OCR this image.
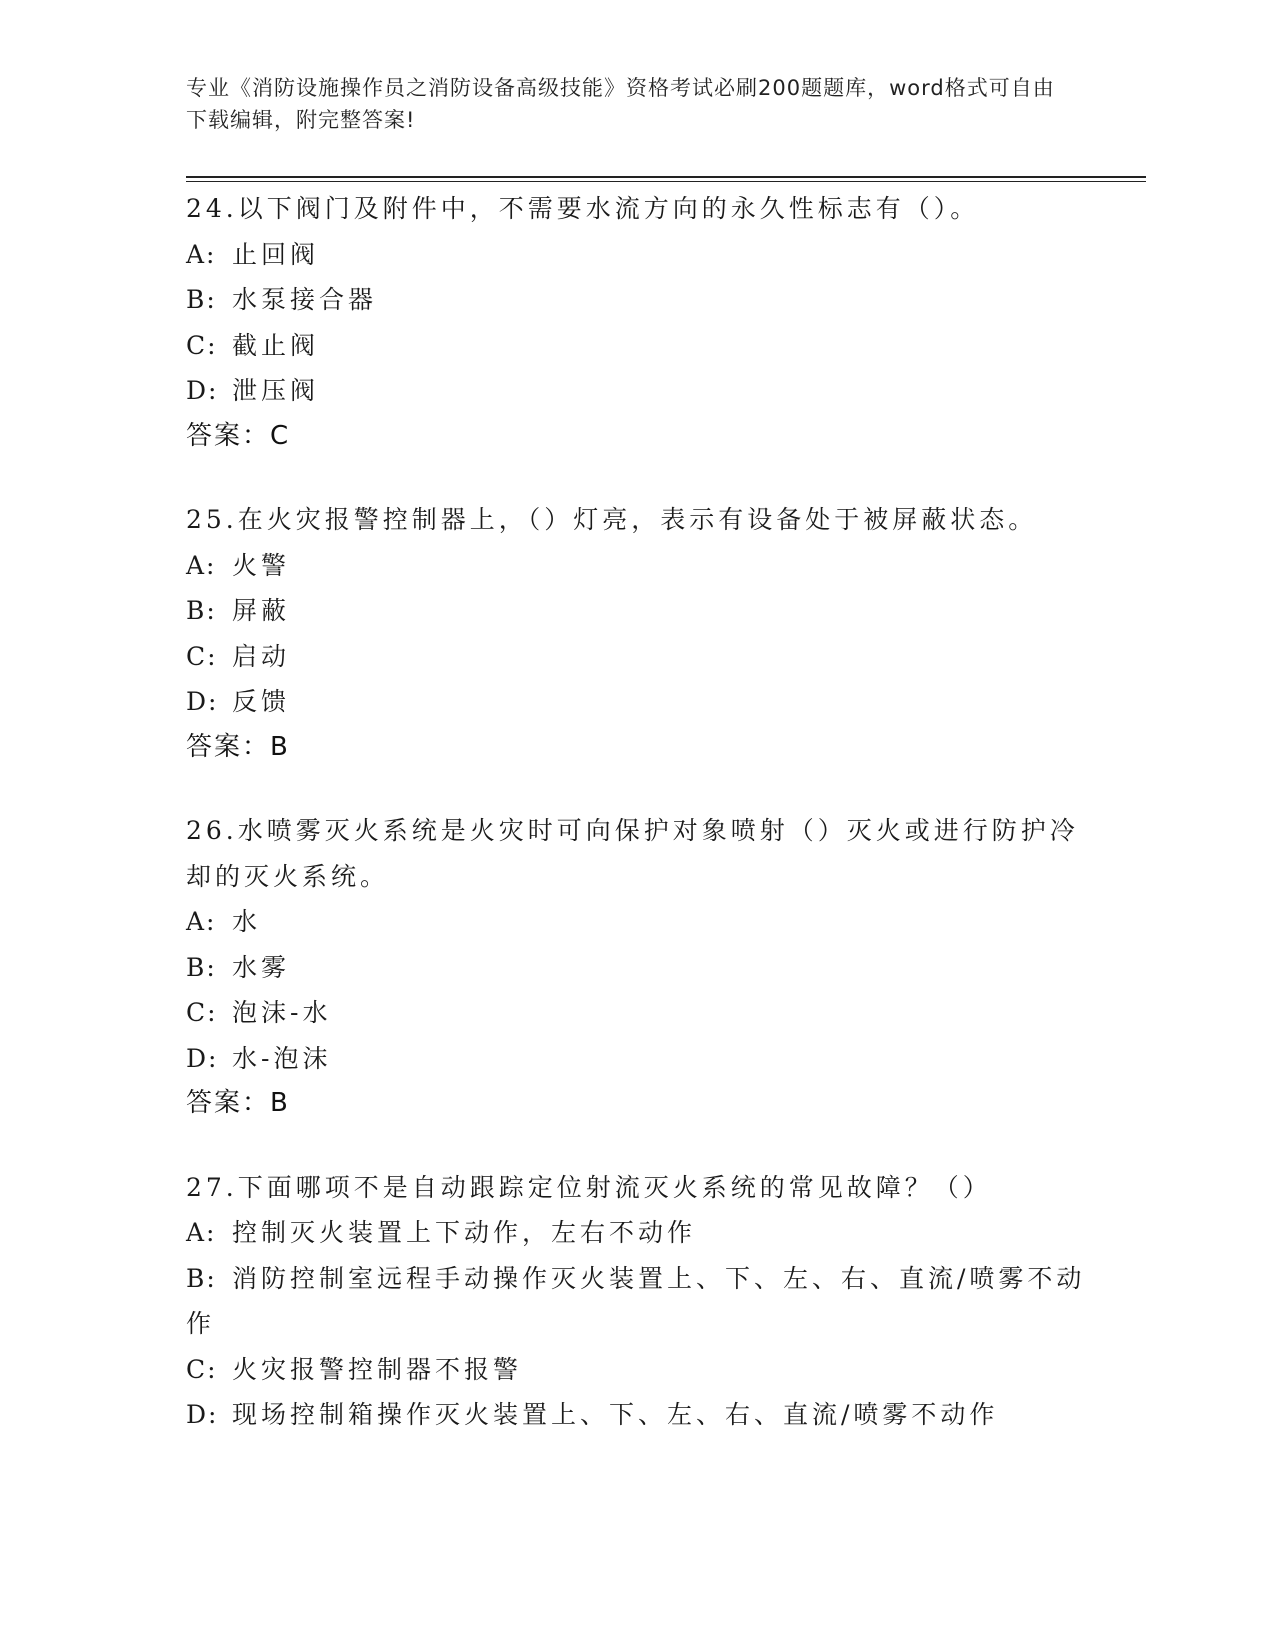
专业《消防设施操作员之消防设备高级技能》资格考试必刷200题题库，word格式可自由下载编辑，附完整答案!
24.以下阀门及附件中，不需要水流方向的永久性标志有（）。
A: 止回阀
B: 水泵接合器
C: 截止阀
D: 泄压阀
答案：C
25.在火灾报警控制器上，（）灯亮，表示有设备处于被屏蔽状态。
A: 火警
B: 屏蔽
C: 启动
D: 反馈
答案：B
26.水喷雾灭火系统是火灾时可向保护对象喷射（）灭火或进行防护冷却的灭火系统。
A: 水
B: 水雾
C: 泡沫-水
D: 水-泡沫
答案：B
27.下面哪项不是自动跟踪定位射流灭火系统的常见故障？（）
A: 控制灭火装置上下动作，左右不动作
B: 消防控制室远程手动操作灭火装置上、下、左、右、直流/喷雾不动作
C: 火灾报警控制器不报警
D: 现场控制箱操作灭火装置上、下、左、右、直流/喷雾不动作
